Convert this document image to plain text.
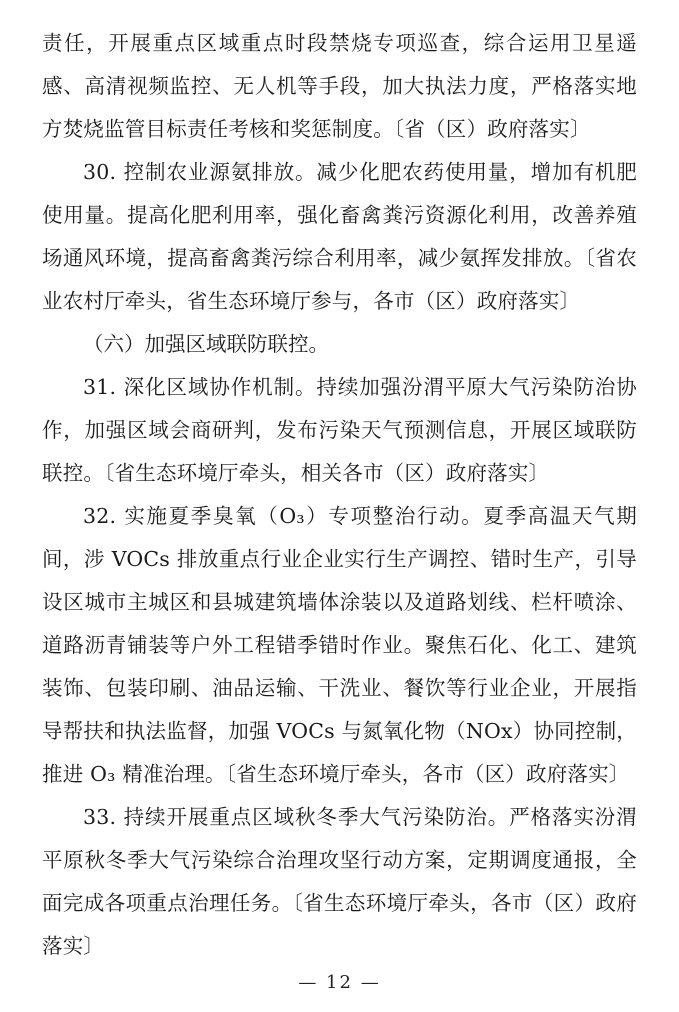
责任，开展重点区域重点时段禁烧专项巡查，综合运用卫星遥感、高清视频监控、无人机等手段，加大执法力度，严格落实地方焚烧监管目标责任考核和奖惩制度。〔省（区）政府落实〕

30. 控制农业源氨排放。减少化肥农药使用量，增加有机肥使用量。提高化肥利用率，强化畜禽粪污资源化利用，改善养殖场通风环境，提高畜禽粪污综合利用率，减少氨挥发排放。〔省农业农村厅牵头，省生态环境厅参与，各市（区）政府落实〕

（六）加强区域联防联控。

31. 深化区域协作机制。持续加强汾渭平原大气污染防治协作，加强区域会商研判，发布污染天气预测信息，开展区域联防联控。〔省生态环境厅牵头，相关各市（区）政府落实〕

32. 实施夏季臭氧（O₃）专项整治行动。夏季高温天气期间，涉 VOCs 排放重点行业企业实行生产调控、错时生产，引导设区城市主城区和县城建筑墙体涂装以及道路划线、栏杆喷涂、道路沥青铺装等户外工程错季错时作业。聚焦石化、化工、建筑装饰、包装印刷、油品运输、干洗业、餐饮等行业企业，开展指导帮扶和执法监督，加强 VOCs 与氮氧化物（NOx）协同控制，推进 O₃ 精准治理。〔省生态环境厅牵头，各市（区）政府落实〕

33. 持续开展重点区域秋冬季大气污染防治。严格落实汾渭平原秋冬季大气污染综合治理攻坚行动方案，定期调度通报，全面完成各项重点治理任务。〔省生态环境厅牵头，各市（区）政府落实〕

— 12 —
